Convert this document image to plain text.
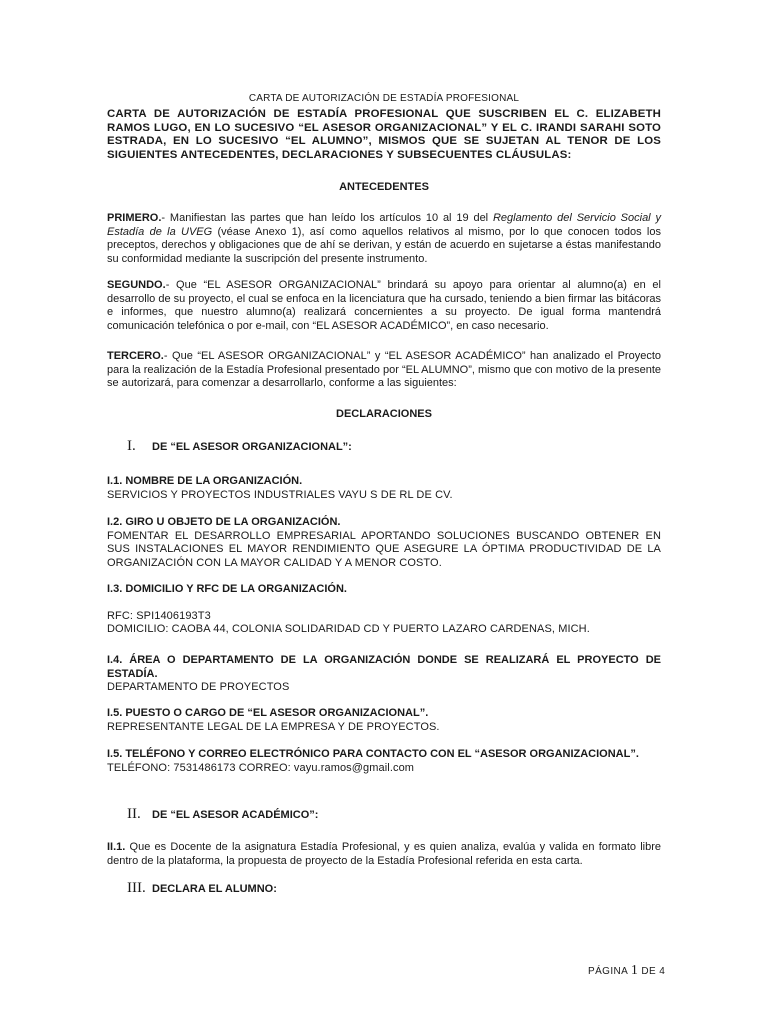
CARTA DE AUTORIZACIÓN DE ESTADÍA PROFESIONAL
CARTA DE AUTORIZACIÓN DE ESTADÍA PROFESIONAL QUE SUSCRIBEN EL C. ELIZABETH RAMOS LUGO, EN LO SUCESIVO “EL ASESOR ORGANIZACIONAL” Y EL C. IRANDI SARAHI SOTO ESTRADA, EN LO SUCESIVO “EL ALUMNO”, MISMOS QUE SE SUJETAN AL TENOR DE LOS SIGUIENTES ANTECEDENTES, DECLARACIONES Y SUBSECUENTES CLÁUSULAS:
ANTECEDENTES
PRIMERO.- Manifiestan las partes que han leído los artículos 10 al 19 del Reglamento del Servicio Social y Estadía de la UVEG (véase Anexo 1), así como aquellos relativos al mismo, por lo que conocen todos los preceptos, derechos y obligaciones que de ahí se derivan, y están de acuerdo en sujetarse a éstas manifestando su conformidad mediante la suscripción del presente instrumento.
SEGUNDO.- Que “EL ASESOR ORGANIZACIONAL” brindará su apoyo para orientar al alumno(a) en el desarrollo de su proyecto, el cual se enfoca en la licenciatura que ha cursado, teniendo a bien firmar las bitácoras e informes, que nuestro alumno(a) realizará concernientes a su proyecto. De igual forma mantendrá comunicación telefónica o por e-mail, con “EL ASESOR ACADÉMICO”, en caso necesario.
TERCERO.- Que “EL ASESOR ORGANIZACIONAL” y “EL ASESOR ACADÉMICO” han analizado el Proyecto para la realización de la Estadía Profesional presentado por “EL ALUMNO”, mismo que con motivo de la presente se autorizará, para comenzar a desarrollarlo, conforme a las siguientes:
DECLARACIONES
I.	DE “EL ASESOR ORGANIZACIONAL”:
I.1. NOMBRE DE LA ORGANIZACIÓN.
SERVICIOS Y PROYECTOS INDUSTRIALES VAYU S DE RL DE CV.
I.2. GIRO U OBJETO DE LA ORGANIZACIÓN.
FOMENTAR EL DESARROLLO EMPRESARIAL APORTANDO SOLUCIONES BUSCANDO OBTENER EN SUS INSTALACIONES EL MAYOR RENDIMIENTO QUE ASEGURE LA ÓPTIMA PRODUCTIVIDAD DE LA ORGANIZACIÓN CON LA MAYOR CALIDAD Y A MENOR COSTO.
I.3. DOMICILIO Y RFC DE LA ORGANIZACIÓN.
RFC: SPI1406193T3
DOMICILIO: CAOBA 44, COLONIA SOLIDARIDAD CD Y PUERTO LAZARO CARDENAS, MICH.
I.4. ÁREA O DEPARTAMENTO DE LA ORGANIZACIÓN DONDE SE REALIZARÁ EL PROYECTO DE ESTADÍA.
DEPARTAMENTO DE PROYECTOS
I.5. PUESTO O CARGO DE “EL ASESOR ORGANIZACIONAL”.
REPRESENTANTE LEGAL DE LA EMPRESA Y DE PROYECTOS.
I.5. TELÉFONO Y CORREO ELECTRÓNICO PARA CONTACTO CON EL “ASESOR ORGANIZACIONAL”.
TELÉFONO: 7531486173 CORREO: vayu.ramos@gmail.com
II.	DE “EL ASESOR ACADÉMICO”:
II.1. Que es Docente de la asignatura Estadía Profesional, y es quien analiza, evalúa y valida en formato libre dentro de la plataforma, la propuesta de proyecto de la Estadía Profesional referida en esta carta.
III. DECLARA EL ALUMNO:
PÁGINA 1 DE 4
